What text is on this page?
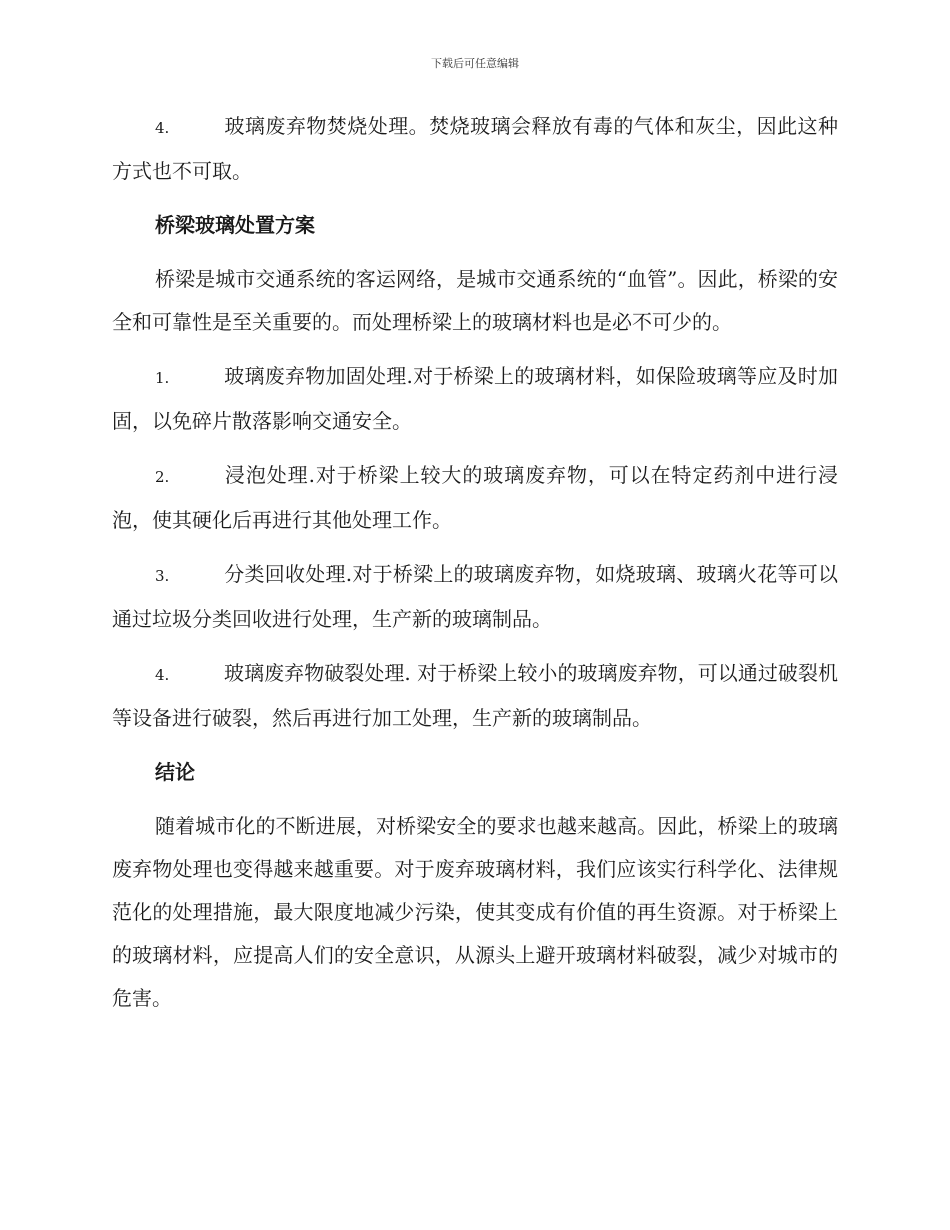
下载后可任意编辑
4.	玻璃废弃物焚烧处理。焚烧玻璃会释放有毒的气体和灰尘，因此这种方式也不可取。
桥梁玻璃处置方案

桥梁是城市交通系统的客运网络，是城市交通系统的“血管”。因此，桥梁的安全和可靠性是至关重要的。而处理桥梁上的玻璃材料也是必不可少的。

1.	玻璃废弃物加固处理.对于桥梁上的玻璃材料，如保险玻璃等应及时加固，以免碎片散落影响交通安全。
2.	浸泡处理.对于桥梁上较大的玻璃废弃物，可以在特定药剂中进行浸泡，使其硬化后再进行其他处理工作。
3.	分类回收处理.对于桥梁上的玻璃废弃物，如烧玻璃、玻璃火花等可以通过垃圾分类回收进行处理，生产新的玻璃制品。
4.	玻璃废弃物破裂处理. 对于桥梁上较小的玻璃废弃物，可以通过破裂机等设备进行破裂，然后再进行加工处理，生产新的玻璃制品。
结论

随着城市化的不断进展，对桥梁安全的要求也越来越高。因此，桥梁上的玻璃废弃物处理也变得越来越重要。对于废弃玻璃材料，我们应该实行科学化、法律规范化的处理措施，最大限度地减少污染，使其变成有价值的再生资源。对于桥梁上的玻璃材料，应提高人们的安全意识，从源头上避开玻璃材料破裂，减少对城市的危害。
